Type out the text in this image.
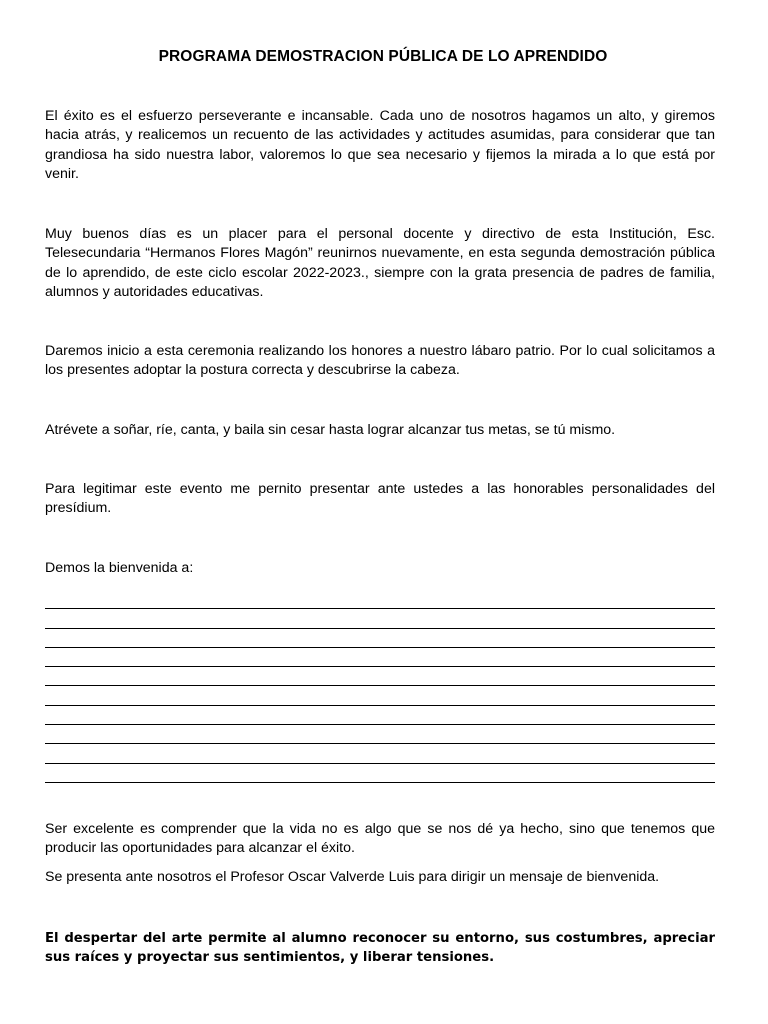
PROGRAMA DEMOSTRACION PÚBLICA DE LO APRENDIDO

El éxito es el esfuerzo perseverante e incansable. Cada uno de nosotros hagamos un alto, y giremos hacia atrás, y realicemos un recuento de las actividades y actitudes asumidas, para considerar que tan grandiosa ha sido nuestra labor, valoremos lo que sea necesario y fijemos la mirada a lo que está por venir.

Muy buenos días es un placer para el personal docente y directivo de esta Institución, Esc. Telesecundaria “Hermanos Flores Magón” reunirnos nuevamente, en esta segunda demostración pública de lo aprendido, de este ciclo escolar 2022-2023., siempre con la grata presencia de padres de familia, alumnos y autoridades educativas.

Daremos inicio a esta ceremonia realizando los honores a nuestro lábaro patrio. Por lo cual solicitamos a los presentes adoptar la postura correcta y descubrirse la cabeza.

Atrévete a soñar, ríe, canta, y baila sin cesar hasta lograr alcanzar tus metas, se tú mismo.

Para legitimar este evento me pernito presentar ante ustedes a las honorables personalidades del presídium.

Demos la bienvenida a:

Ser excelente es comprender que la vida no es algo que se nos dé ya hecho, sino que tenemos que producir las oportunidades para alcanzar el éxito.

Se presenta ante nosotros el Profesor Oscar Valverde Luis para dirigir un mensaje de bienvenida.

El despertar del arte permite al alumno reconocer su entorno, sus costumbres, apreciar sus raíces y proyectar sus sentimientos, y liberar tensiones.
